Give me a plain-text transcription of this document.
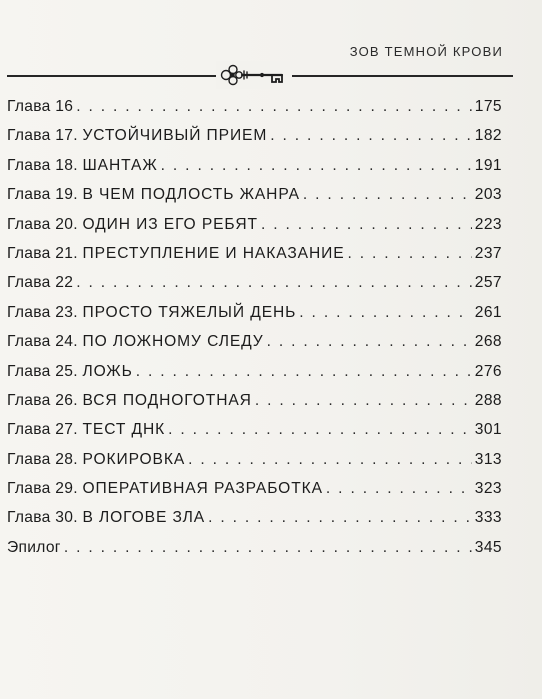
ЗОВ ТЕМНОЙ КРОВИ
Глава 16 . . .	175
Глава 17. УСТОЙЧИВЫЙ ПРИЕМ . . .	182
Глава 18. ШАНТАЖ . . .	191
Глава 19. В ЧЕМ ПОДЛОСТЬ ЖАНРА . . .	203
Глава 20. ОДИН ИЗ ЕГО РЕБЯТ . . .	223
Глава 21. ПРЕСТУПЛЕНИЕ И НАКАЗАНИЕ . . .	237
Глава 22 . . .	257
Глава 23. ПРОСТО ТЯЖЕЛЫЙ ДЕНЬ . . .	261
Глава 24. ПО ЛОЖНОМУ СЛЕДУ . . .	268
Глава 25. ЛОЖЬ . . .	276
Глава 26. ВСЯ ПОДНОГОТНАЯ . . .	288
Глава 27. ТЕСТ ДНК . . .	301
Глава 28. РОКИРОВКА . . .	313
Глава 29. ОПЕРАТИВНАЯ РАЗРАБОТКА . . .	323
Глава 30. В ЛОГОВЕ ЗЛА . . .	333
Эпилог . . .	345
